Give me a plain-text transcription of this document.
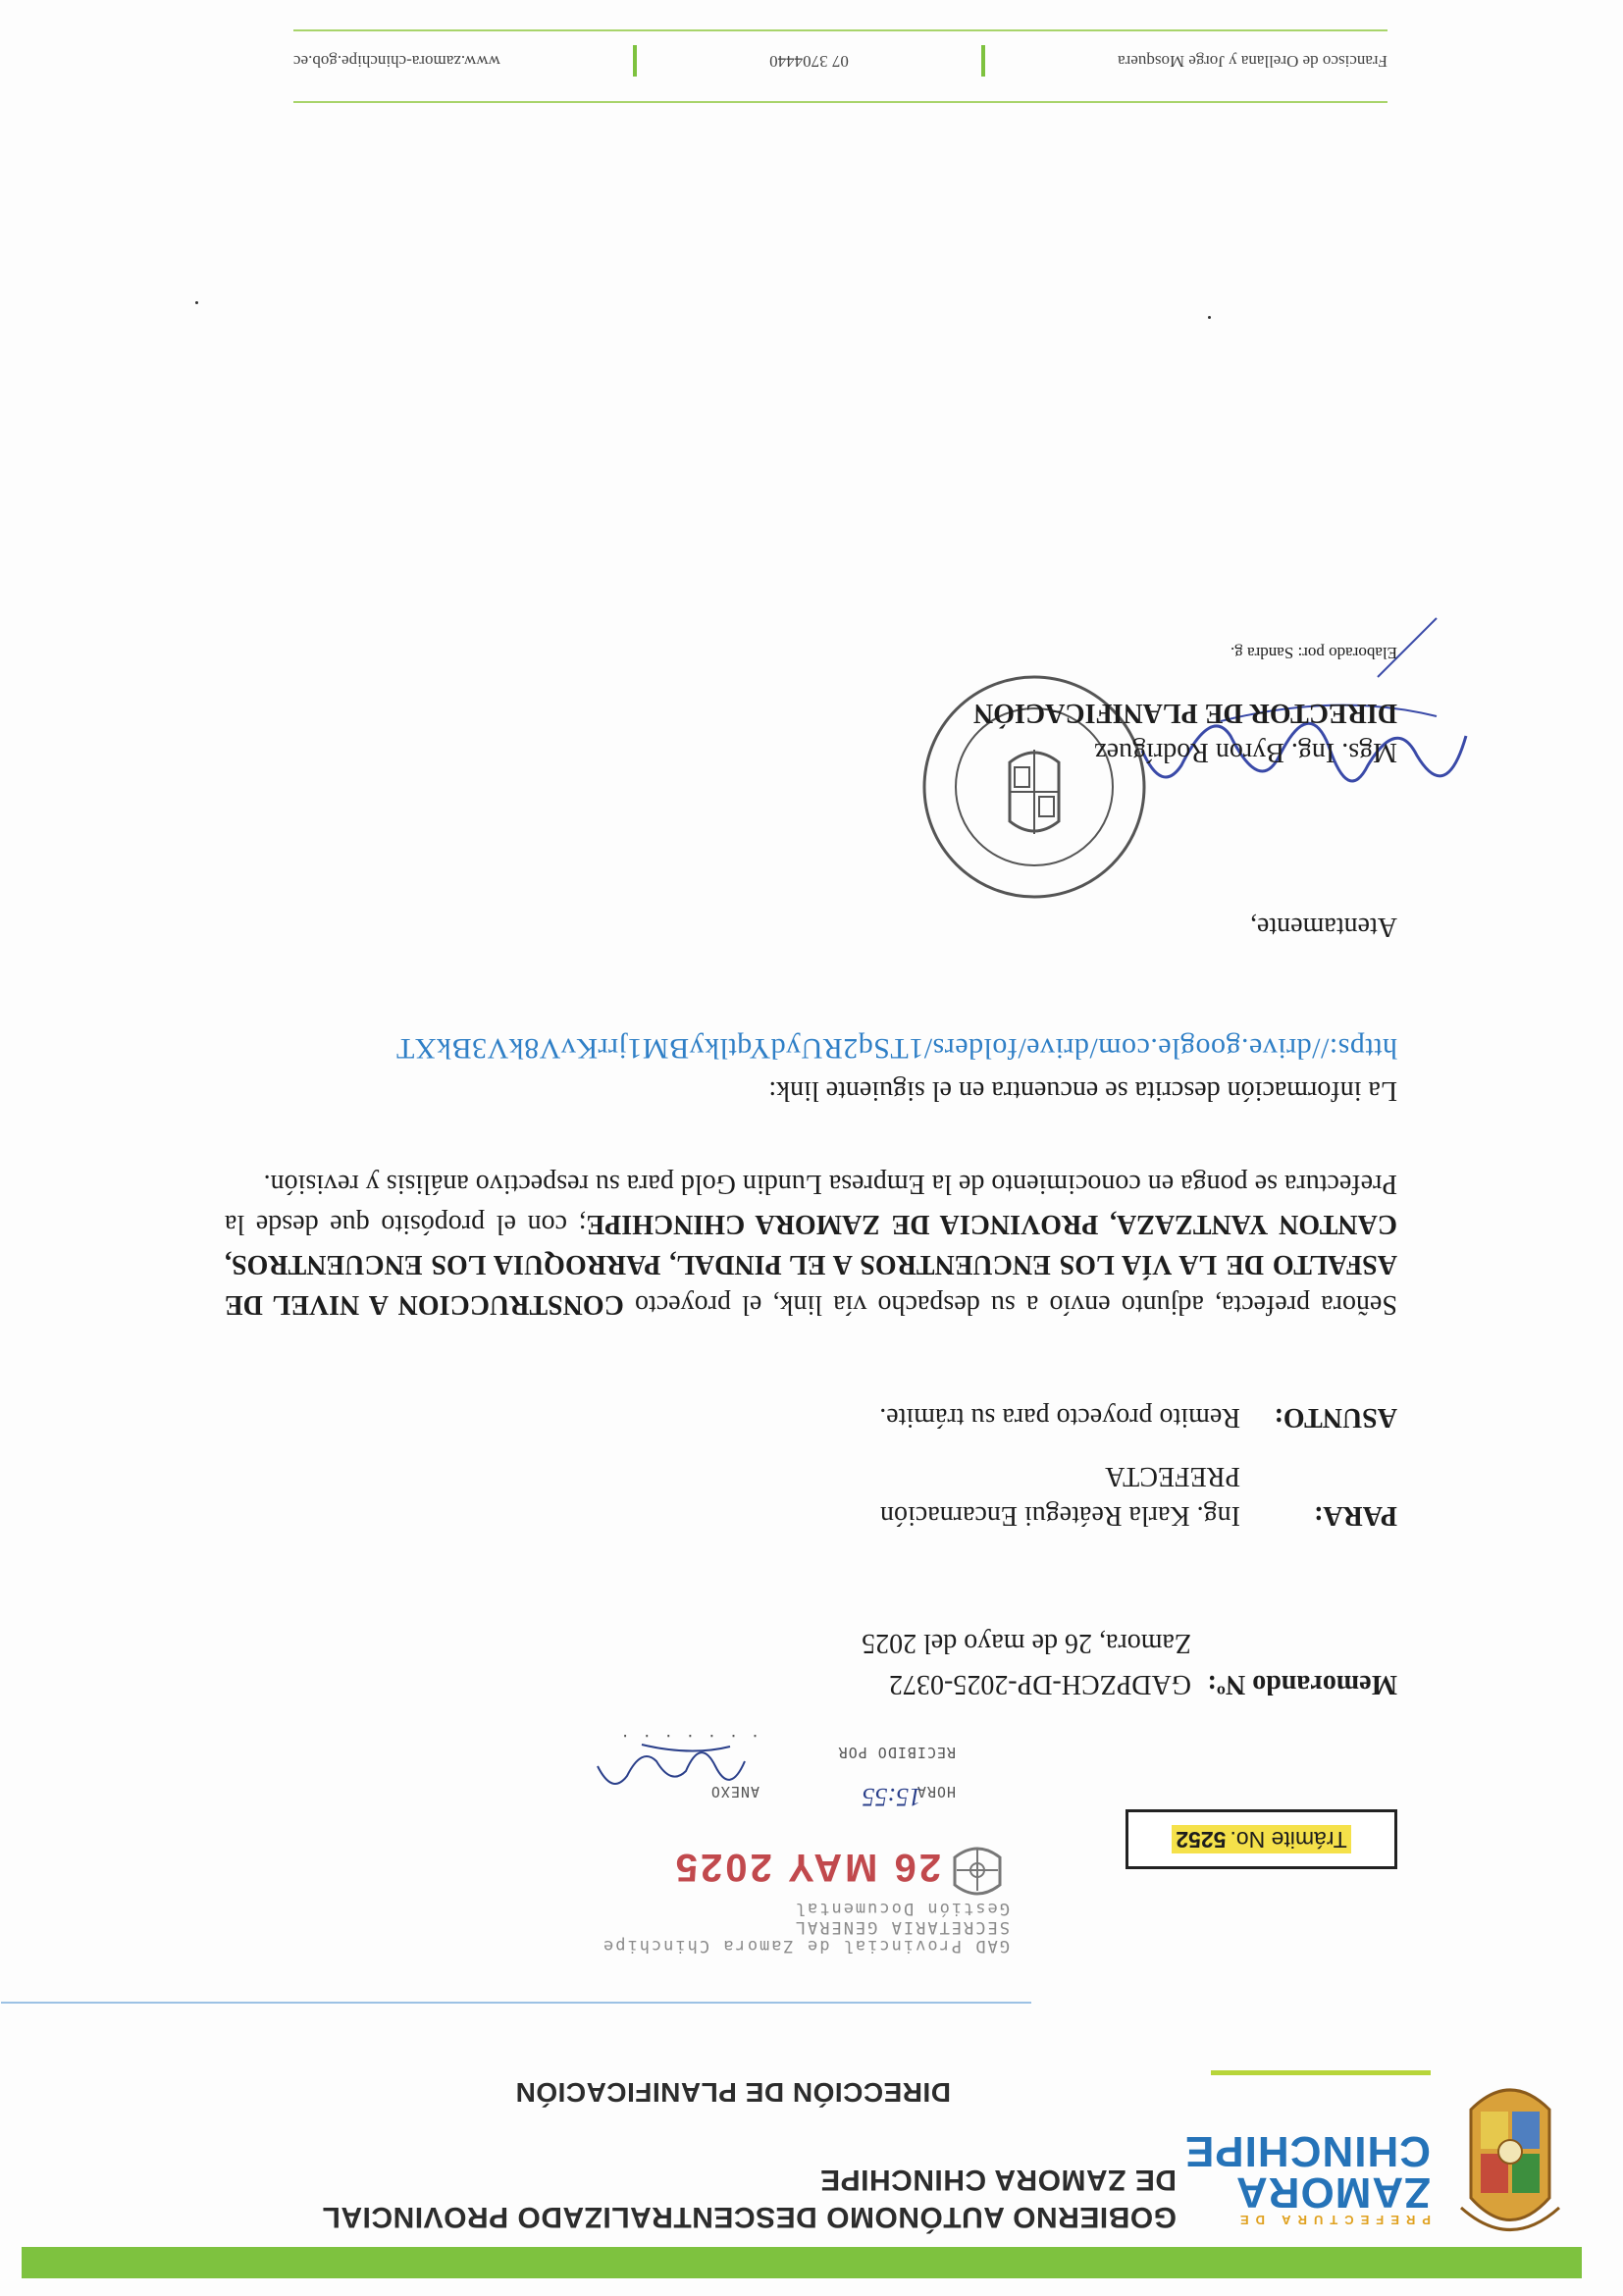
PREFECTURA DE
ZAMORA
CHINCHIPE
GOBIERNO AUTÓNOMO DESCENTRALIZADO PROVINCIAL
DE ZAMORA CHINCHIPE
DIRECCIÓN DE PLANIFICACIÓN
GAD Provincial de Zamora Chinchipe
SECRETARIA GENERAL
Gestión Documental
26 MAY 2025
HORA
15:55
ANEXO
RECIBIDO POR
. . . . . . .
Trámite No.5252
Memorando Nº:
GADPZCH-DP-2025-0372
Zamora, 26 de mayo del 2025
PARA:
Ing. Karla Reátegui Encarnación
PREFECTA
ASUNTO:
Remito proyecto para su trámite.
Señora prefecta, adjunto envío a su despacho vía link, el proyecto CONSTRUCCION A NIVEL DE ASFALTO DE LA VÍA LOS ENCUENTROS A EL PINDAL, PARROQUIA LOS ENCUENTROS, CANTON YANTZAZA, PROVINCIA DE ZAMORA CHINCHIPE; con el propósito que desde la Prefectura se ponga en conocimiento de la Empresa Lundin Gold para su respectivo análisis y revisión.
La información descrita se encuentra en el siguiente link:
https://drive.google.com/drive/folders/1TSq2RUydYqtlkyBM1jrrKvV8kV3BkXT
Atentamente,
Mgs. Ing. Byron Rodríguez
DIRECTOR DE PLANIFICACIÓN
Elaborado por: Sandra g.
Francisco de Orellana y Jorge Mosquera
07 3704440
www.zamora-chinchipe.gob.ec
